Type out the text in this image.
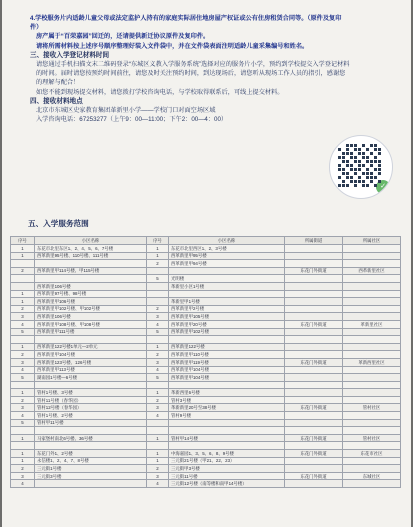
4.学校服务片内适龄儿童父母或法定监护人持有的家庭实际居住地房屋产权证或公有住房租赁合同等。（原件及复印件）

房产属于“百荣嘉园”回迁的，还请提供新迁协议原件及复印件。

请将所需材料按上述序号顺序整理好装入文件袋中，并在文件袋表面注明适龄儿童采集编号和姓名。

三、接收入学登记材料时间

请您通过手机扫描文末二维码登录“东城区义教入学服务系统”选择对应的服务片小学，预约到学校提交入学登记材料的时间。届时请您按预约时间前往，请您及时关注预约时间，到达现场后，请您听从现场工作人员的指引，感谢您的理解与配合！

如您不能到现场提交材料，请您拨打学校咨询电话，与学校取得联系后，可线上提交材料。

四、接收材料地点

北京市东城区史家教育集团革新里小学——学校门口对面空场区域

入学咨询电话：67253277（上午9：00—11:00；下午2：00—4：00）

✓
五、入学服务范围
序号	小区名称	序号	小区名称	所属街道	所属社区
1	东花市北里东区1、2、4、5、6、7号楼	1	东花市北里西区1、2、3号楼		
1	西革新里95号楼、110号楼、111号楼	1	西革新里甲95号楼		
		2	西革新里甲94号楼		
2	西革新里甲114号楼、甲115号楼			东花门外街道	西革新里社区
		5	光明楼		
	西革新里106号楼		革新里小区1号楼		
1	西革新里97号楼、98号楼				
1	西革新里甲106号楼		革新里甲1号楼		
2	西革新里甲102号楼、甲102号楼	2	西革新里甲2号楼		
3	西革新里106号楼	3	西革新里甲105号楼		
4	西革新里甲108号楼、甲108号楼	4	西革新里甲20号楼	东花门外街道	革新里社区
5	西革新里甲111号楼	5	西革新里甲102号楼		

1	西革新里122号楼1单元—2单元	1	西革新里122号楼		
2	西革新里甲104号楼	2	西革新里甲110号楼		
3	西革新里123号楼、126号楼	3	西革新里甲119号楼	东花门外街道	革新西里社区
4	西革新里甲113号楼	4	西革新里甲104号楼		
5	湖南园1号楼—6号楼	5	西革新里甲104号楼		

1	管村1号楼、3号楼	1	革新西里6号楼		
2	管村11号楼（春华园）	2	管村3号楼		
3	管村12号楼（春华园）	3	革新新里20号至38号楼	东花门外街道	管村社区
4	管村1号楼、2号楼	4	管村9号楼		
5	管村甲11号楼				

1	马家堡村南北6号楼、36号楼	1	管村甲14号楼	东花门外街道	管村社区

1	东花门外1、2号楼	1	中海嘉园1、3、5、6、8、9号楼	东花门外街道	东花市社区
1	永信楼1、2、4、7、8号楼	1	三元街21号楼（甲21、22、23）		
2	三元街1号楼	2	三元街甲3号楼		
3	三元街3号楼	3	三元街11号楼	东花门外街道	东城社区
4		4	三元街12号楼（南等楼和南甲14号楼）		
